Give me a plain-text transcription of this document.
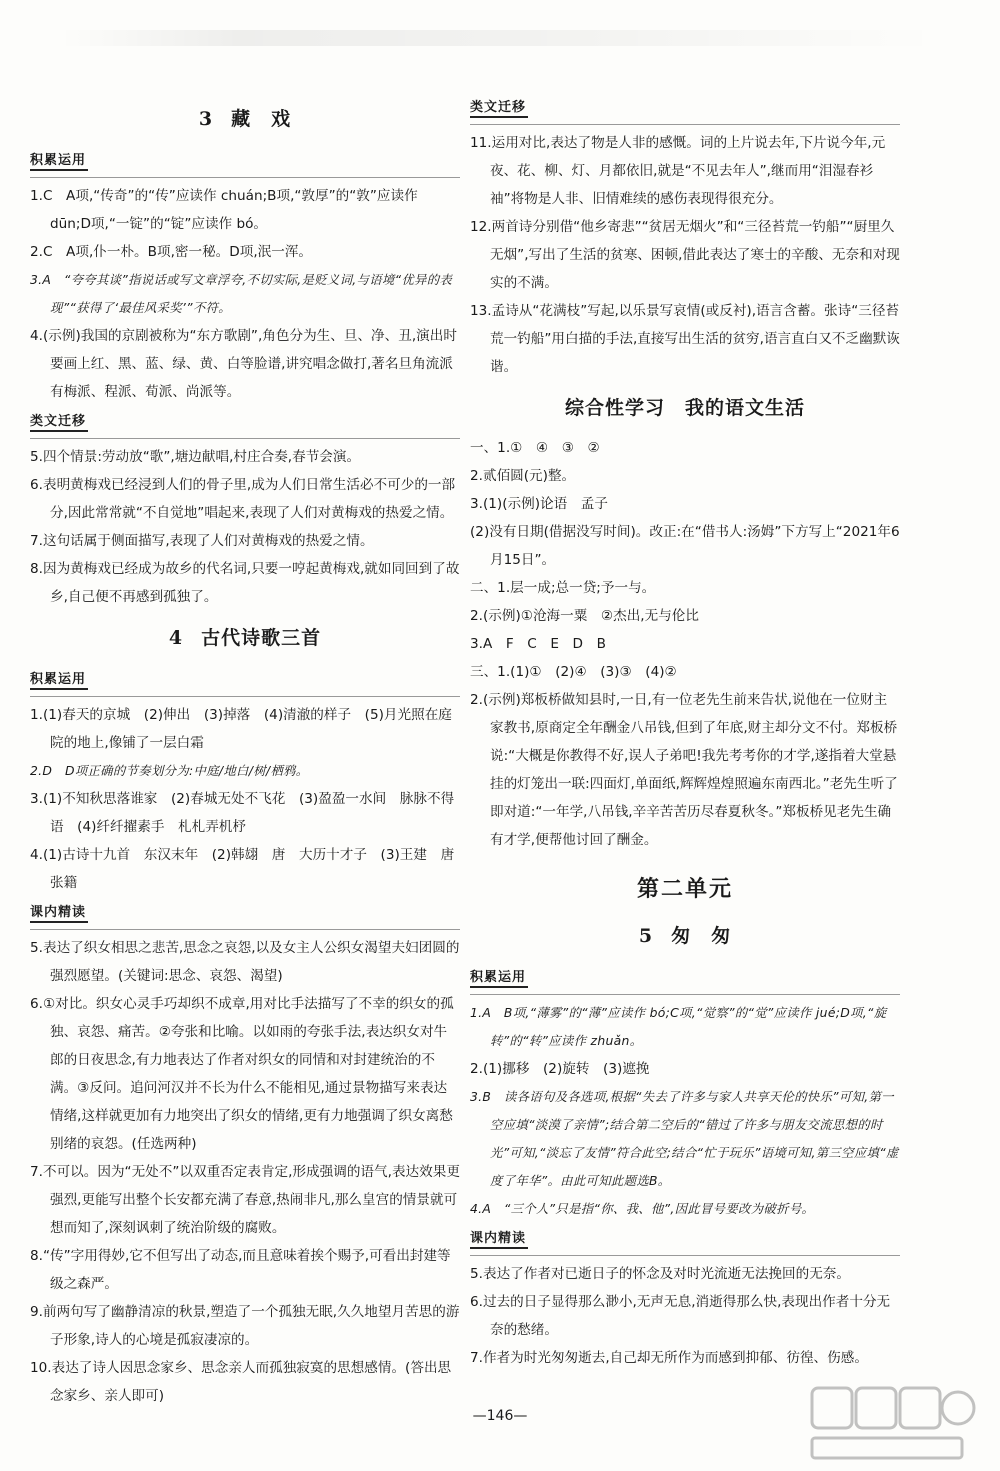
3 藏　戏
积累运用

1.C　A项,“传奇”的“传”应读作 chuán;B项,“敦厚”的“敦”应读作 dūn;D项,“一锭”的“锭”应读作 bó。

2.C　A项,仆一朴。B项,密一秘。D项,泯一浑。

3.A　“夸夸其谈”指说话或写文章浮夸,不切实际,是贬义词,与语境“优异的表现”“获得了‘最佳风采奖’”不符。

4.(示例)我国的京剧被称为“东方歌剧”,角色分为生、旦、净、丑,演出时要画上红、黑、蓝、绿、黄、白等脸谱,讲究唱念做打,著名旦角流派有梅派、程派、荀派、尚派等。

类文迁移

5.四个情景:劳动放“歌”,塘边献唱,村庄合奏,春节会演。

6.表明黄梅戏已经浸到人们的骨子里,成为人们日常生活必不可少的一部分,因此常常就“不自觉地”唱起来,表现了人们对黄梅戏的热爱之情。

7.这句话属于侧面描写,表现了人们对黄梅戏的热爱之情。

8.因为黄梅戏已经成为故乡的代名词,只要一哼起黄梅戏,就如同回到了故乡,自己便不再感到孤独了。

4 古代诗歌三首
积累运用

1.(1)春天的京城　(2)伸出　(3)掉落　(4)清澈的样子　(5)月光照在庭院的地上,像铺了一层白霜

2.D　D项正确的节奏划分为:中庭/地白/树/栖鸦。

3.(1)不知秋思落谁家　(2)春城无处不飞花　(3)盈盈一水间　脉脉不得语　(4)纤纤擢素手　札札弄机杼

4.(1)古诗十九首　东汉末年　(2)韩翃　唐　大历十才子　(3)王建　唐　张籍

课内精读

5.表达了织女相思之悲苦,思念之哀怨,以及女主人公织女渴望夫妇团圆的强烈愿望。(关键词:思念、哀怨、渴望)

6.①对比。织女心灵手巧却织不成章,用对比手法描写了不幸的织女的孤独、哀怨、痛苦。②夸张和比喻。以如雨的夸张手法,表达织女对牛郎的日夜思念,有力地表达了作者对织女的同情和对封建统治的不满。③反问。追问河汉并不长为什么不能相见,通过景物描写来表达情绪,这样就更加有力地突出了织女的情绪,更有力地强调了织女离愁别绪的哀怨。(任选两种)

7.不可以。因为“无处不”以双重否定表肯定,形成强调的语气,表达效果更强烈,更能写出整个长安都充满了春意,热闹非凡,那么皇宫的情景就可想而知了,深刻讽刺了统治阶级的腐败。

8.“传”字用得妙,它不但写出了动态,而且意味着挨个赐予,可看出封建等级之森严。

9.前两句写了幽静清凉的秋景,塑造了一个孤独无眠,久久地望月苦思的游子形象,诗人的心境是孤寂凄凉的。

10.表达了诗人因思念家乡、思念亲人而孤独寂寞的思想感情。(答出思念家乡、亲人即可)

类文迁移

11.运用对比,表达了物是人非的感慨。词的上片说去年,下片说今年,元夜、花、柳、灯、月都依旧,就是“不见去年人”,继而用“泪湿春衫袖”将物是人非、旧情难续的感伤表现得很充分。

12.两首诗分别借“他乡寄悲”“贫居无烟火”和“三径苔荒一钓船”“厨里久无烟”,写出了生活的贫寒、困顿,借此表达了寒士的辛酸、无奈和对现实的不满。

13.孟诗从“花满枝”写起,以乐景写哀情(或反衬),语言含蓄。张诗“三径苔荒一钓船”用白描的手法,直接写出生活的贫穷,语言直白又不乏幽默诙谐。

综合性学习　我的语文生活

一、1.①　④　③　②

2.贰佰圆(元)整。

3.(1)(示例)论语　孟子

(2)没有日期(借据没写时间)。改正:在“借书人:汤姆”下方写上“2021年6月15日”。

二、1.层一成;总一贷;予一与。

2.(示例)①沧海一粟　②杰出,无与伦比

3.A　F　C　E　D　B

三、1.(1)①　(2)④　(3)③　(4)②

2.(示例)郑板桥做知县时,一日,有一位老先生前来告状,说他在一位财主家教书,原商定全年酬金八吊钱,但到了年底,财主却分文不付。郑板桥说:“大概是你教得不好,误人子弟吧!我先考考你的才学,遂指着大堂悬挂的灯笼出一联:四面灯,单面纸,辉辉煌煌照遍东南西北。”老先生听了即对道:“一年学,八吊钱,辛辛苦苦历尽春夏秋冬。”郑板桥见老先生确有才学,便帮他讨回了酬金。

第二单元
5 匆　匆
积累运用

1.A　B项,“薄雾”的“薄”应读作 bó;C项,“觉察”的“觉”应读作 jué;D项,“旋转”的“转”应读作 zhuǎn。

2.(1)挪移　(2)旋转　(3)遮挽

3.B　读各语句及各选项,根据“失去了许多与家人共享天伦的快乐”可知,第一空应填“淡漠了亲情”;结合第二空后的“错过了许多与朋友交流思想的时光”可知,“淡忘了友情”符合此空;结合“忙于玩乐”语境可知,第三空应填“虚度了年华”。由此可知此题选B。

4.A　“三个人”只是指“你、我、他”,因此冒号要改为破折号。

课内精读

5.表达了作者对已逝日子的怀念及对时光流逝无法挽回的无奈。

6.过去的日子显得那么渺小,无声无息,消逝得那么快,表现出作者十分无奈的愁绪。

7.作者为时光匆匆逝去,自己却无所作为而感到抑郁、彷徨、伤感。

—146—
